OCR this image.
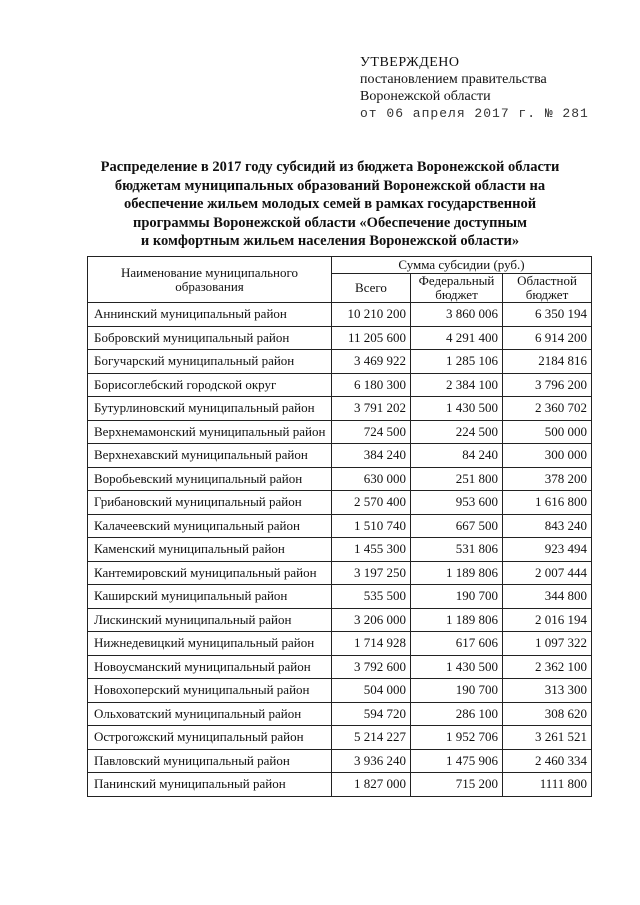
УТВЕРЖДЕНО
постановлением правительства
Воронежской области
от 06 апреля 2017 г. № 281
Распределение в 2017 году субсидий из бюджета Воронежской области
бюджетам муниципальных образований Воронежской области на
обеспечение жильем молодых семей в рамках государственной
программы Воронежской области «Обеспечение доступным
и комфортным жильем населения Воронежской области»
Наименование муниципального образования	Сумма субсидии (руб.)		
	Всего	Федеральный бюджет	Областной бюджет
Аннинский муниципальный район	10 210 200	3 860 006	6 350 194
Бобровский муниципальный район	11 205 600	4 291 400	6 914 200
Богучарский муниципальный район	3 469 922	1 285 106	2184 816
Борисоглебский городской округ	6 180 300	2 384 100	3 796 200
Бутурлиновский муниципальный район	3 791 202	1 430 500	2 360 702
Верхнемамонский муниципальный район	724 500	224 500	500 000
Верхнехавский муниципальный район	384 240	84 240	300 000
Воробьевский муниципальный район	630 000	251 800	378 200
Грибановский муниципальный район	2 570 400	953 600	1 616 800
Калачеевский муниципальный район	1 510 740	667 500	843 240
Каменский муниципальный район	1 455 300	531 806	923 494
Кантемировский муниципальный район	3 197 250	1 189 806	2 007 444
Каширский муниципальный район	535 500	190 700	344 800
Лискинский муниципальный район	3 206 000	1 189 806	2 016 194
Нижнедевицкий муниципальный район	1 714 928	617 606	1 097 322
Новоусманский муниципальный район	3 792 600	1 430 500	2 362 100
Новохоперский муниципальный район	504 000	190 700	313 300
Ольховатский муниципальный район	594 720	286 100	308 620
Острогожский муниципальный район	5 214 227	1 952 706	3 261 521
Павловский муниципальный район	3 936 240	1 475 906	2 460 334
Панинский муниципальный район	1 827 000	715 200	1111 800
